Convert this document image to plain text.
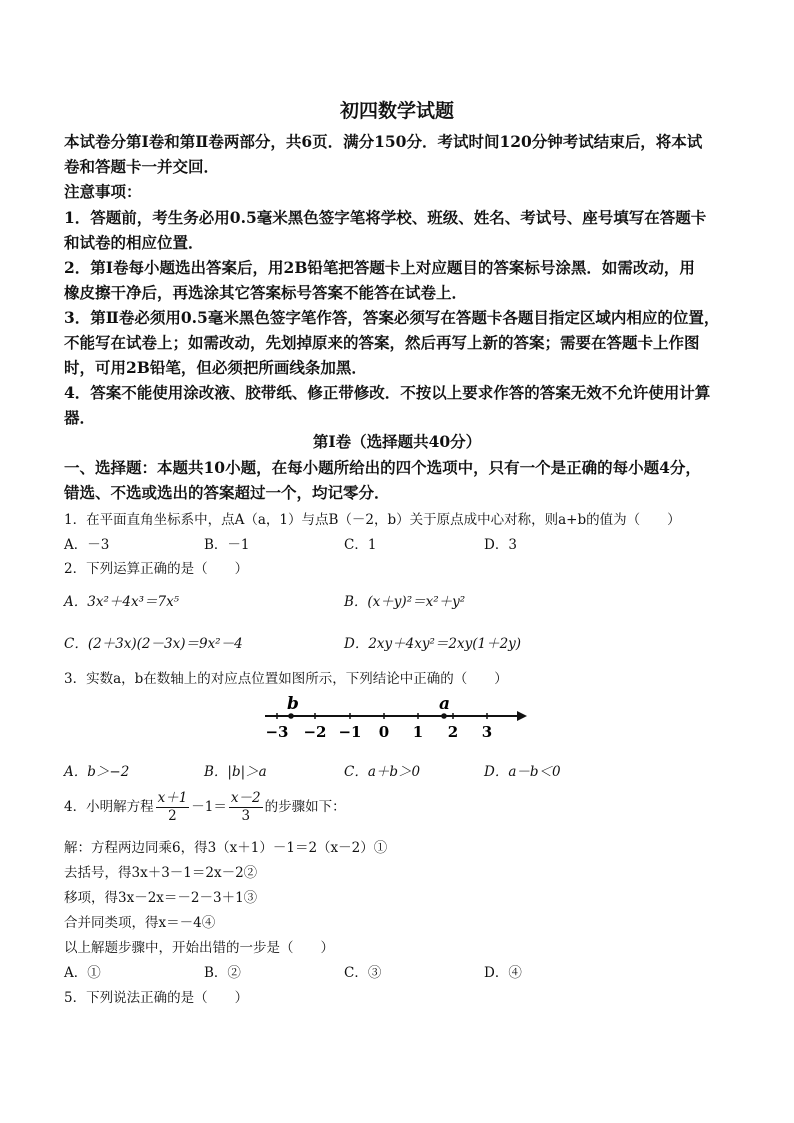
初四数学试题
本试卷分第Ⅰ卷和第Ⅱ卷两部分，共6页．满分150分．考试时间120分钟考试结束后，将本试
卷和答题卡一并交回．
注意事项：
1．答题前，考生务必用0.5毫米黑色签字笔将学校、班级、姓名、考试号、座号填写在答题卡
和试卷的相应位置．
2．第Ⅰ卷每小题选出答案后，用2B铅笔把答题卡上对应题目的答案标号涂黑．如需改动，用
橡皮擦干净后，再选涂其它答案标号答案不能答在试卷上．
3．第Ⅱ卷必须用0.5毫米黑色签字笔作答，答案必须写在答题卡各题目指定区域内相应的位置，
不能写在试卷上；如需改动，先划掉原来的答案，然后再写上新的答案；需要在答题卡上作图
时，可用2B铅笔，但必须把所画线条加黑．
4．答案不能使用涂改液、胶带纸、修正带修改．不按以上要求作答的答案无效不允许使用计算
器．
第Ⅰ卷（选择题共40分）
一、选择题：本题共10小题，在每小题所给出的四个选项中，只有一个是正确的每小题4分，
错选、不选或选出的答案超过一个，均记零分．
1．在平面直角坐标系中，点A（a，1）与点B（－2，b）关于原点成中心对称，则a+b的值为（　　）
A．－3	B．－1	C．1	D．3
2．下列运算正确的是（　　）
A．3x²＋4x³＝7x⁵	B．(x＋y)²＝x²＋y²
C．(2＋3x)(2－3x)＝9x²－4	D．2xy＋4xy²＝2xy(1＋2y)
3．实数a，b在数轴上的对应点位置如图所示，下列结论中正确的（　　）
b	a
−3 −2 −1 0 1 2 3
A．b＞−2	B．|b|＞a	C．a＋b＞0	D．a－b＜0
4．小明解方程 $\frac{x+1}{2} -1= \frac{x-2}{3}$ 的步骤如下：
解：方程两边同乘6，得3（x＋1）－1＝2（x－2）①
去括号，得3x＋3－1＝2x－2②
移项，得3x－2x＝－2－3＋1③
合并同类项，得x＝－4④
以上解题步骤中，开始出错的一步是（　　）
A．①	B．②	C．③	D．④
5．下列说法正确的是（　　）
